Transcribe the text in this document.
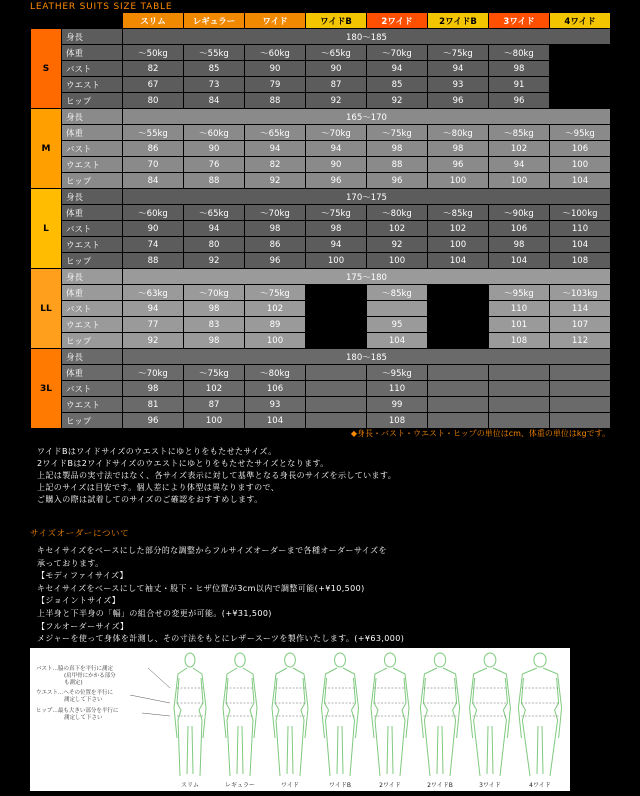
LEATHER SUITS SIZE TABLE
		スリム	レギュラー	ワイド	ワイドB	2ワイド	2ワイドB	3ワイド	4ワイド
S	身長	180～185							
	体重	～50kg	～55kg	～60kg	～65kg	～70kg	～75kg	～80kg	
	バスト	82	85	90	90	94	94	98	
	ウエスト	67	73	79	87	85	93	91	
	ヒップ	80	84	88	92	92	96	96	
M	身長	165～170							
	体重	～55kg	～60kg	～65kg	～70kg	～75kg	～80kg	～85kg	～95kg
	バスト	86	90	94	94	98	98	102	106
	ウエスト	70	76	82	90	88	96	94	100
	ヒップ	84	88	92	96	96	100	100	104
L	身長	170～175							
	体重	～60kg	～65kg	～70kg	～75kg	～80kg	～85kg	～90kg	～100kg
	バスト	90	94	98	98	102	102	106	110
	ウエスト	74	80	86	94	92	100	98	104
	ヒップ	88	92	96	100	100	104	104	108
LL	身長	175～180							
	体重	～63kg	～70kg	～75kg		～85kg		～95kg	～103kg
	バスト	94	98	102				110	114
	ウエスト	77	83	89		95		101	107
	ヒップ	92	98	100		104		108	112
3L	身長	180～185							
	体重	～70kg	～75kg	～80kg		～95kg			
	バスト	98	102	106		110			
	ウエスト	81	87	93		99			
	ヒップ	96	100	104		108			
◆身長・バスト・ウエスト・ヒップの単位はcm、体重の単位はkgです。
ワイドBはワイドサイズのウエストにゆとりをもたせたサイズ。
2ワイドBは2ワイドサイズのウエストにゆとりをもたせたサイズとなります。
上記は製品の実寸法ではなく、各サイズ表示に対して基準となる身長のサイズを示しています。
上記のサイズは目安です。個人差により体型は異なりますので、
ご購入の際は試着してのサイズのご確認をおすすめします。
サイズオーダーについて
キセイサイズをベースにした部分的な調整からフルサイズオーダーまで各種オーダーサイズを
承っております。
【モディファイサイズ】
キセイサイズをベースにして袖丈・股下・ヒザ位置が3cm以内で調整可能(+¥10,500)
【ジョイントサイズ】
上半身と下半身の「幅」の組合せの変更が可能。(+¥31,500)
【フルオーダーサイズ】
メジャーを使って身体を計測し、その寸法をもとにレザースーツを製作いたします。(+¥63,000)
バスト…脇の真下を平行に測定
(肩甲骨にかかる部分
も測定)
ウエスト…へその位置を平行に
測定して下さい
ヒップ…最も大きい部分を平行に
測定して下さい
スリム	レギュラー	ワイド	ワイドB	2ワイド	2ワイドB	3ワイド	4ワイド
